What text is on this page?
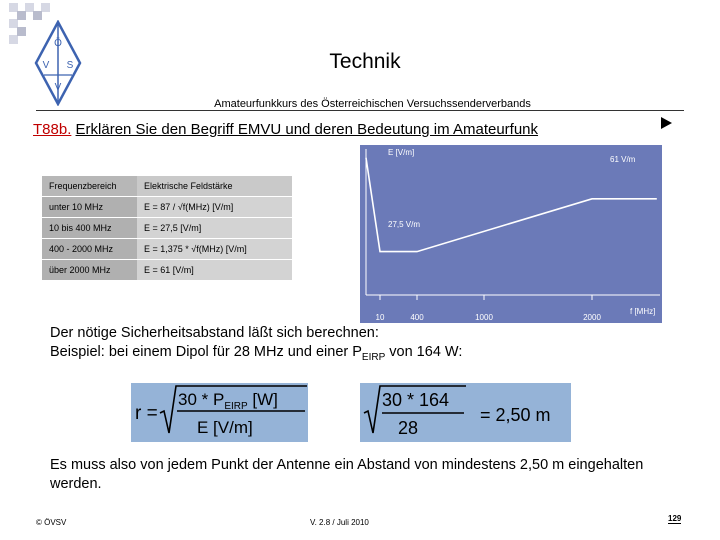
Ö
V S
V
Technik
Amateurfunkkurs des Österreichischen Versuchssenderverbands
T88b. Erklären Sie den Begriff EMVU und deren Bedeutung im Amateurfunk
Frequenzbereich	Elektrische Feldstärke
unter 10 MHz	E = 87 / √f(MHz) [V/m]
10 bis 400 MHz	E = 27,5 [V/m]
400 - 2000 MHz	E = 1,375 * √f(MHz) [V/m]
über 2000 MHz	E = 61 [V/m]
E [V/m]
f [MHz]
61 V/m
27,5 V/m
10	400	1000	2000
Der nötige Sicherheitsabstand läßt sich berechnen:
Beispiel: bei einem Dipol für 28 MHz und einer $P_{EIRP}$ von 164 W:
r =
$30 * P_{EIRP}$ [W]
E [V/m]
30 * 164
28
= 2,50 m
Es muss also von jedem Punkt der Antenne ein Abstand von mindestens 2,50 m eingehalten werden.
© ÖVSV	V. 2.8 / Juli 2010	129
